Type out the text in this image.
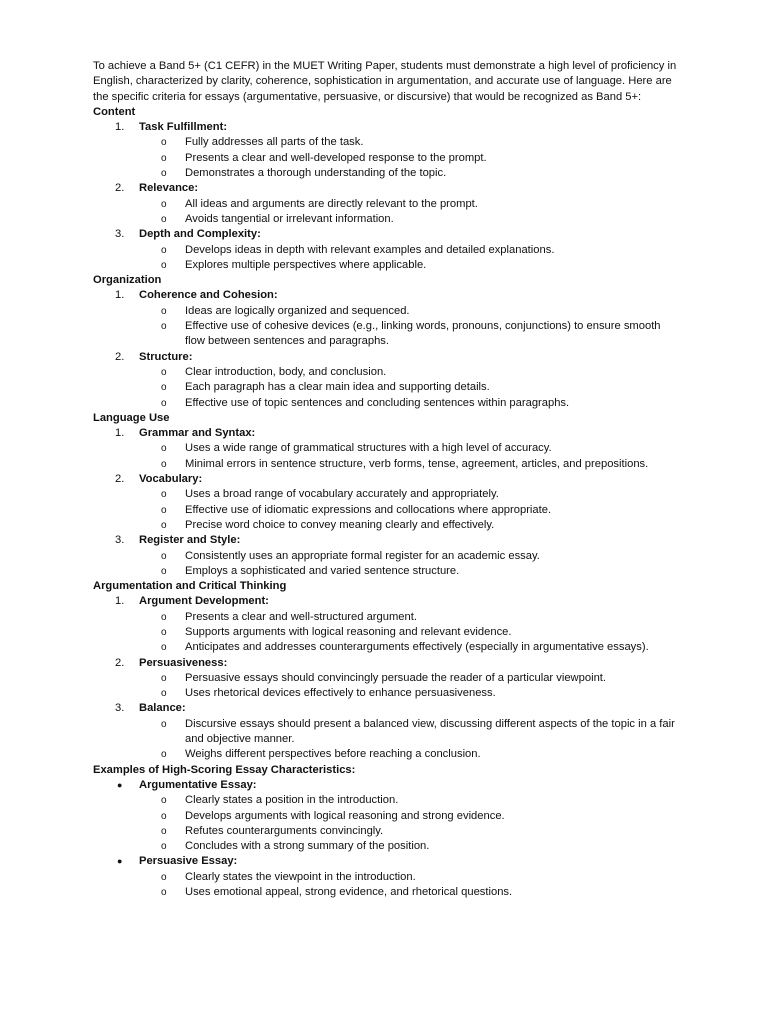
To achieve a Band 5+ (C1 CEFR) in the MUET Writing Paper, students must demonstrate a high level of proficiency in English, characterized by clarity, coherence, sophistication in argumentation, and accurate use of language. Here are the specific criteria for essays (argumentative, persuasive, or discursive) that would be recognized as Band 5+:

Content

1. Task Fulfillment:
o Fully addresses all parts of the task.
o Presents a clear and well-developed response to the prompt.
o Demonstrates a thorough understanding of the topic.
2. Relevance:
o All ideas and arguments are directly relevant to the prompt.
o Avoids tangential or irrelevant information.
3. Depth and Complexity:
o Develops ideas in depth with relevant examples and detailed explanations.
o Explores multiple perspectives where applicable.

Organization

1. Coherence and Cohesion:
o Ideas are logically organized and sequenced.
o Effective use of cohesive devices (e.g., linking words, pronouns, conjunctions) to ensure smooth flow between sentences and paragraphs.
2. Structure:
o Clear introduction, body, and conclusion.
o Each paragraph has a clear main idea and supporting details.
o Effective use of topic sentences and concluding sentences within paragraphs.

Language Use

1. Grammar and Syntax:
o Uses a wide range of grammatical structures with a high level of accuracy.
o Minimal errors in sentence structure, verb forms, tense, agreement, articles, and prepositions.
2. Vocabulary:
o Uses a broad range of vocabulary accurately and appropriately.
o Effective use of idiomatic expressions and collocations where appropriate.
o Precise word choice to convey meaning clearly and effectively.
3. Register and Style:
o Consistently uses an appropriate formal register for an academic essay.
o Employs a sophisticated and varied sentence structure.

Argumentation and Critical Thinking

1. Argument Development:
o Presents a clear and well-structured argument.
o Supports arguments with logical reasoning and relevant evidence.
o Anticipates and addresses counterarguments effectively (especially in argumentative essays).
2. Persuasiveness:
o Persuasive essays should convincingly persuade the reader of a particular viewpoint.
o Uses rhetorical devices effectively to enhance persuasiveness.
3. Balance:
o Discursive essays should present a balanced view, discussing different aspects of the topic in a fair and objective manner.
o Weighs different perspectives before reaching a conclusion.

Examples of High-Scoring Essay Characteristics:

● Argumentative Essay:
o Clearly states a position in the introduction.
o Develops arguments with logical reasoning and strong evidence.
o Refutes counterarguments convincingly.
o Concludes with a strong summary of the position.
● Persuasive Essay:
o Clearly states the viewpoint in the introduction.
o Uses emotional appeal, strong evidence, and rhetorical questions.
